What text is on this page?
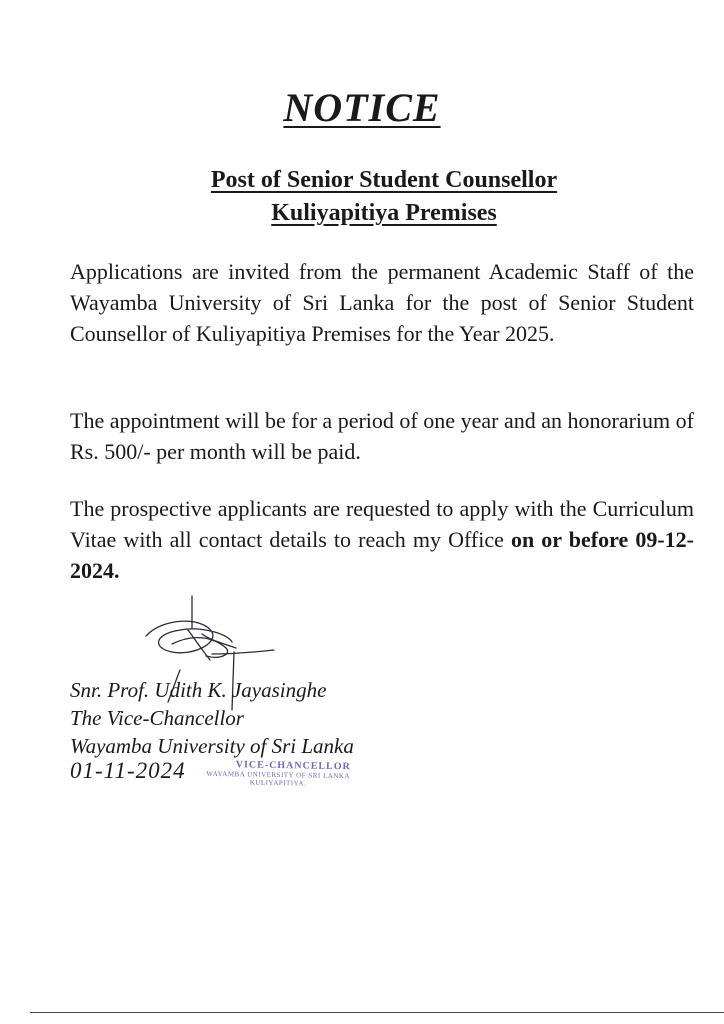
NOTICE

Post of Senior Student Counsellor

Kuliyapitiya Premises

Applications are invited from the permanent Academic Staff of the Wayamba University of Sri Lanka for the post of Senior Student Counsellor of Kuliyapitiya Premises for the Year 2025.

The appointment will be for a period of one year and an honorarium of Rs. 500/- per month will be paid.

The prospective applicants are requested to apply with the Curriculum Vitae with all contact details to reach my Office on or before 09-12-2024.

Snr. Prof. Udith K. Jayasinghe

The Vice-Chancellor

Wayamba University of Sri Lanka

01-11-2024	VICE-CHANCELLOR
WAYAMBA UNIVERSITY OF SRI LANKA
KULIYAPITIYA.
